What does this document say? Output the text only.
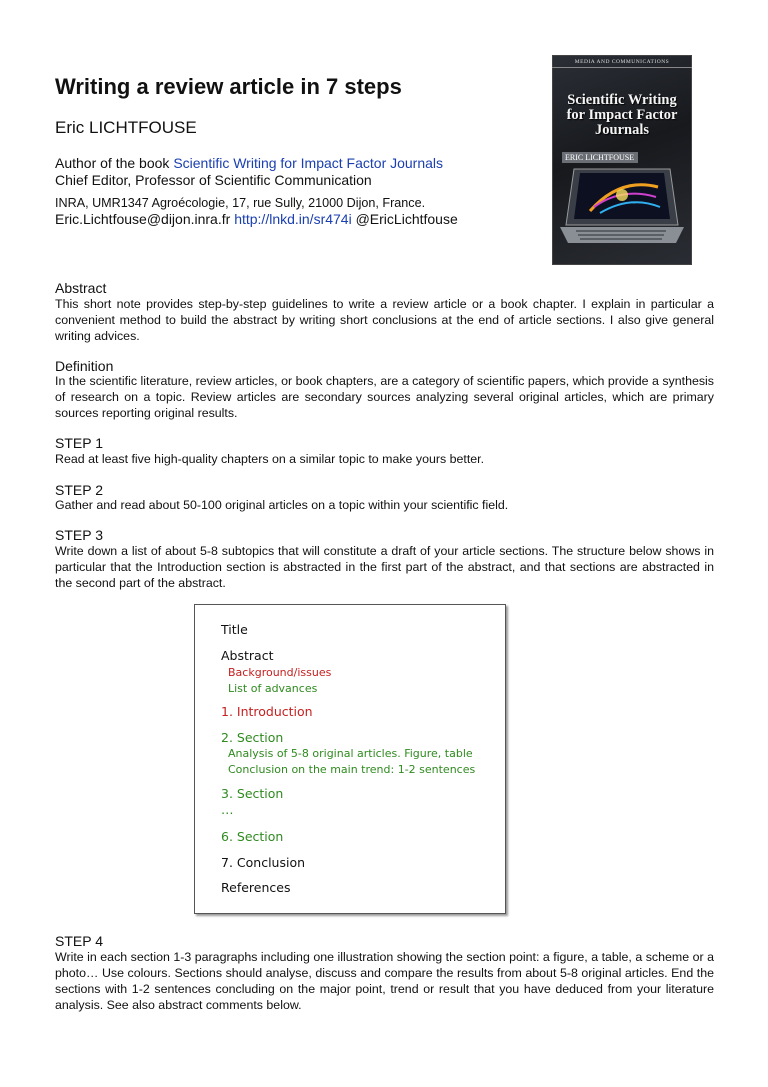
Writing a review article in 7 steps
Eric LICHTFOUSE
Author of the book Scientific Writing for Impact Factor Journals
Chief Editor, Professor of Scientific Communication
INRA, UMR1347 Agroécologie, 17, rue Sully, 21000 Dijon, France.
Eric.Lichtfouse@dijon.inra.fr http://lnkd.in/sr474i @EricLichtfouse
MEDIA AND COMMUNICATIONS
Scientific Writing for Impact Factor Journals
ERIC LICHTFOUSE
Abstract

This short note provides step-by-step guidelines to write a review article or a book chapter. I explain in particular a convenient method to build the abstract by writing short conclusions at the end of article sections. I also give general writing advices.

Definition

In the scientific literature, review articles, or book chapters, are a category of scientific papers, which provide a synthesis of research on a topic. Review articles are secondary sources analyzing several original articles, which are primary sources reporting original results.

STEP 1

Read at least five high-quality chapters on a similar topic to make yours better.

STEP 2

Gather and read about 50-100 original articles on a topic within your scientific field.

STEP 3

Write down a list of about 5-8 subtopics that will constitute a draft of your article sections. The structure below shows in particular that the Introduction section is abstracted in the first part of the abstract, and that sections are abstracted in the second part of the abstract.

Title
Abstract
Background/issues
List of advances
1. Introduction
2. Section
Analysis of 5-8 original articles. Figure, table
Conclusion on the main trend: 1-2 sentences
3. Section
…
6. Section
7. Conclusion
References
STEP 4

Write in each section 1-3 paragraphs including one illustration showing the section point: a figure, a table, a scheme or a photo… Use colours. Sections should analyse, discuss and compare the results from about 5-8 original articles. End the sections with 1-2 sentences concluding on the major point, trend or result that you have deduced from your literature analysis. See also abstract comments below.
